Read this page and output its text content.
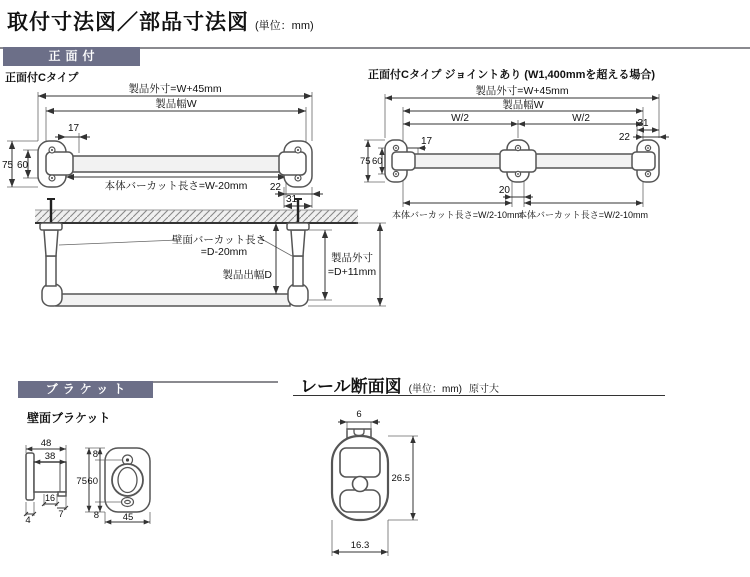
取付寸法図／部品寸法図 (単位：mm)
正面付
正面付Cタイプ
製品外寸=W+45mm
製品幅W
17
75 60
本体バーカット長さ=W-20mm 22
31
壁面バーカット長さ
=D-20mm
製品出幅D
製品外寸
=D+11mm
正面付Cタイプ ジョイントあり (W1,400mmを超える場合)
製品外寸=W+45mm
製品幅W
W/2	W/2	31
22
17
75 60
20
本体バーカット長さ=W/2-10mm
本体バーカット長さ=W/2-10mm
ブラケット
壁面ブラケット
48
38
16
7
4
75 60
8
8 45
レール断面図 (単位：mm) 原寸大
6
26.5
16.3
